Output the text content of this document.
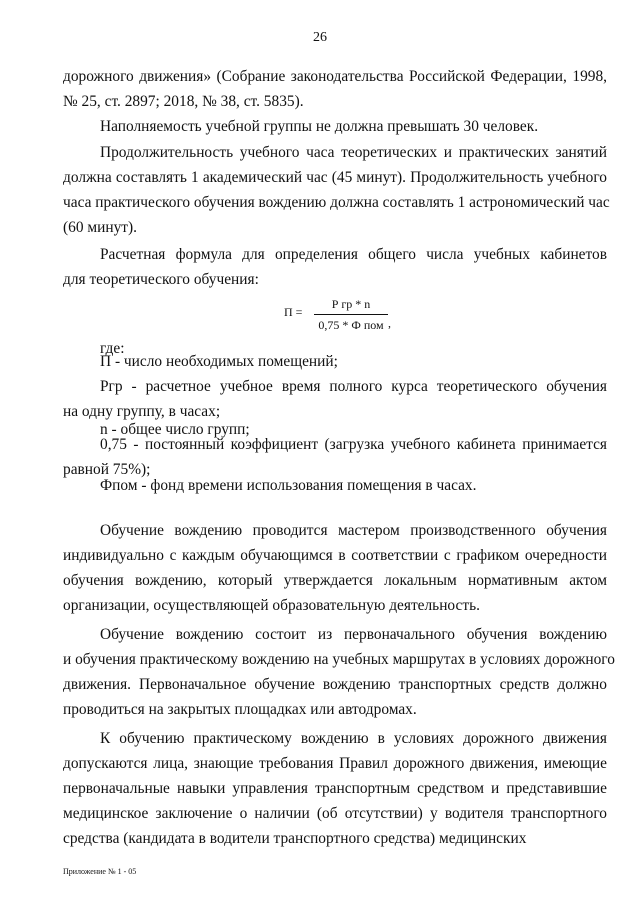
26
дорожного движения» (Собрание законодательства Российской Федерации, 1998,
№ 25, ст. 2897; 2018, № 38, ст. 5835).
Наполняемость учебной группы не должна превышать 30 человек.
Продолжительность учебного часа теоретических и практических занятий
должна составлять 1 академический час (45 минут). Продолжительность учебного
часа практического обучения вождению должна составлять 1 астрономический час
(60 минут).
Расчетная формула для определения общего числа учебных кабинетов
для теоретического обучения:
где:
П - число необходимых помещений;
Ргр - расчетное учебное время полного курса теоретического обучения
на одну группу, в часах;
n - общее число групп;
0,75 - постоянный коэффициент (загрузка учебного кабинета принимается
равной 75%);
Фпом - фонд времени использования помещения в часах.
Обучение вождению проводится мастером производственного обучения
индивидуально с каждым обучающимся в соответствии с графиком очередности
обучения вождению, который утверждается локальным нормативным актом
организации, осуществляющей образовательную деятельность.
Обучение вождению состоит из первоначального обучения вождению
и обучения практическому вождению на учебных маршрутах в условиях дорожного
движения. Первоначальное обучение вождению транспортных средств должно
проводиться на закрытых площадках или автодромах.
К обучению практическому вождению в условиях дорожного движения
допускаются лица, знающие требования Правил дорожного движения, имеющие
первоначальные навыки управления транспортным средством и представившие
медицинское заключение о наличии (об отсутствии) у водителя транспортного
средства (кандидата в водители транспортного средства) медицинских
П =
Р гр * n
0,75 * Ф пом ,
Приложение № 1 - 05
